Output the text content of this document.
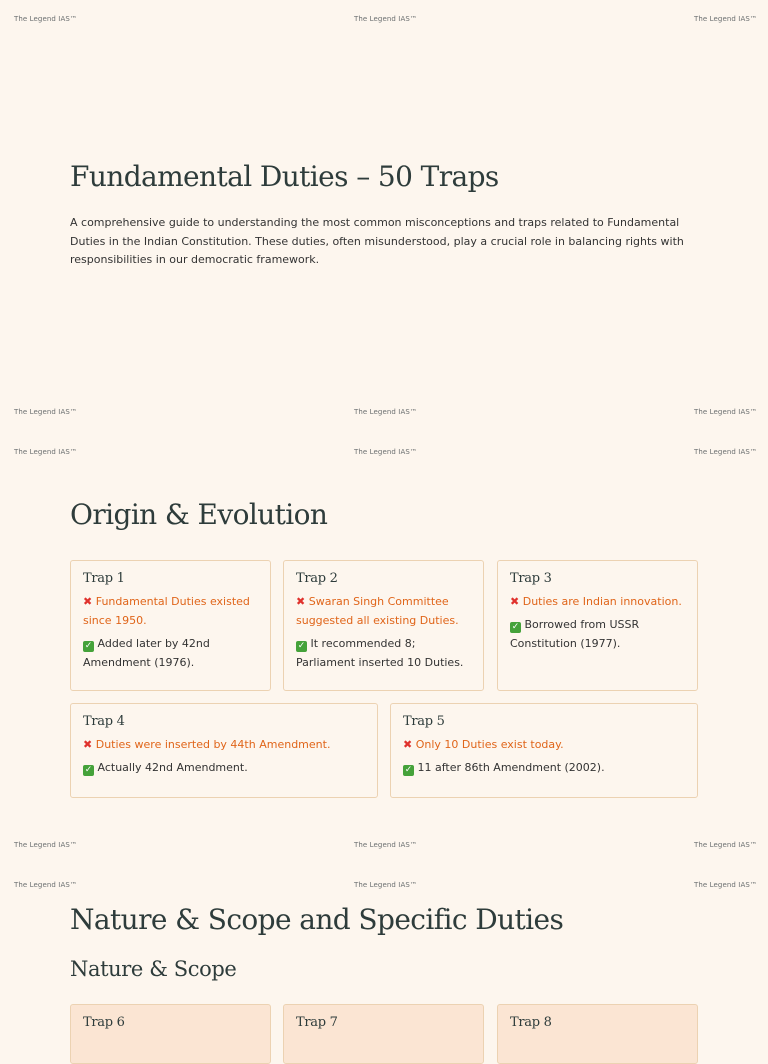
The Legend IAS™	The Legend IAS™	The Legend IAS™
The Legend IAS™	The Legend IAS™	The Legend IAS™
The Legend IAS™	The Legend IAS™	The Legend IAS™
The Legend IAS™	The Legend IAS™	The Legend IAS™
The Legend IAS™	The Legend IAS™	The Legend IAS™
Fundamental Duties – 50 Traps

A comprehensive guide to understanding the most common misconceptions and traps related to Fundamental Duties in the Indian Constitution. These duties, often misunderstood, play a crucial role in balancing rights with responsibilities in our democratic framework.

Origin & Evolution
Trap 1
✖ Fundamental Duties existed since 1950.
✓ Added later by 42nd Amendment (1976).
Trap 2
✖ Swaran Singh Committee suggested all existing Duties.
✓ It recommended 8; Parliament inserted 10 Duties.
Trap 3
✖ Duties are Indian innovation.
✓ Borrowed from USSR Constitution (1977).
Trap 4
✖ Duties were inserted by 44th Amendment.
✓ Actually 42nd Amendment.
Trap 5
✖ Only 10 Duties exist today.
✓ 11 after 86th Amendment (2002).
Nature & Scope and Specific Duties
Nature & Scope
Trap 6	Trap 7	Trap 8
